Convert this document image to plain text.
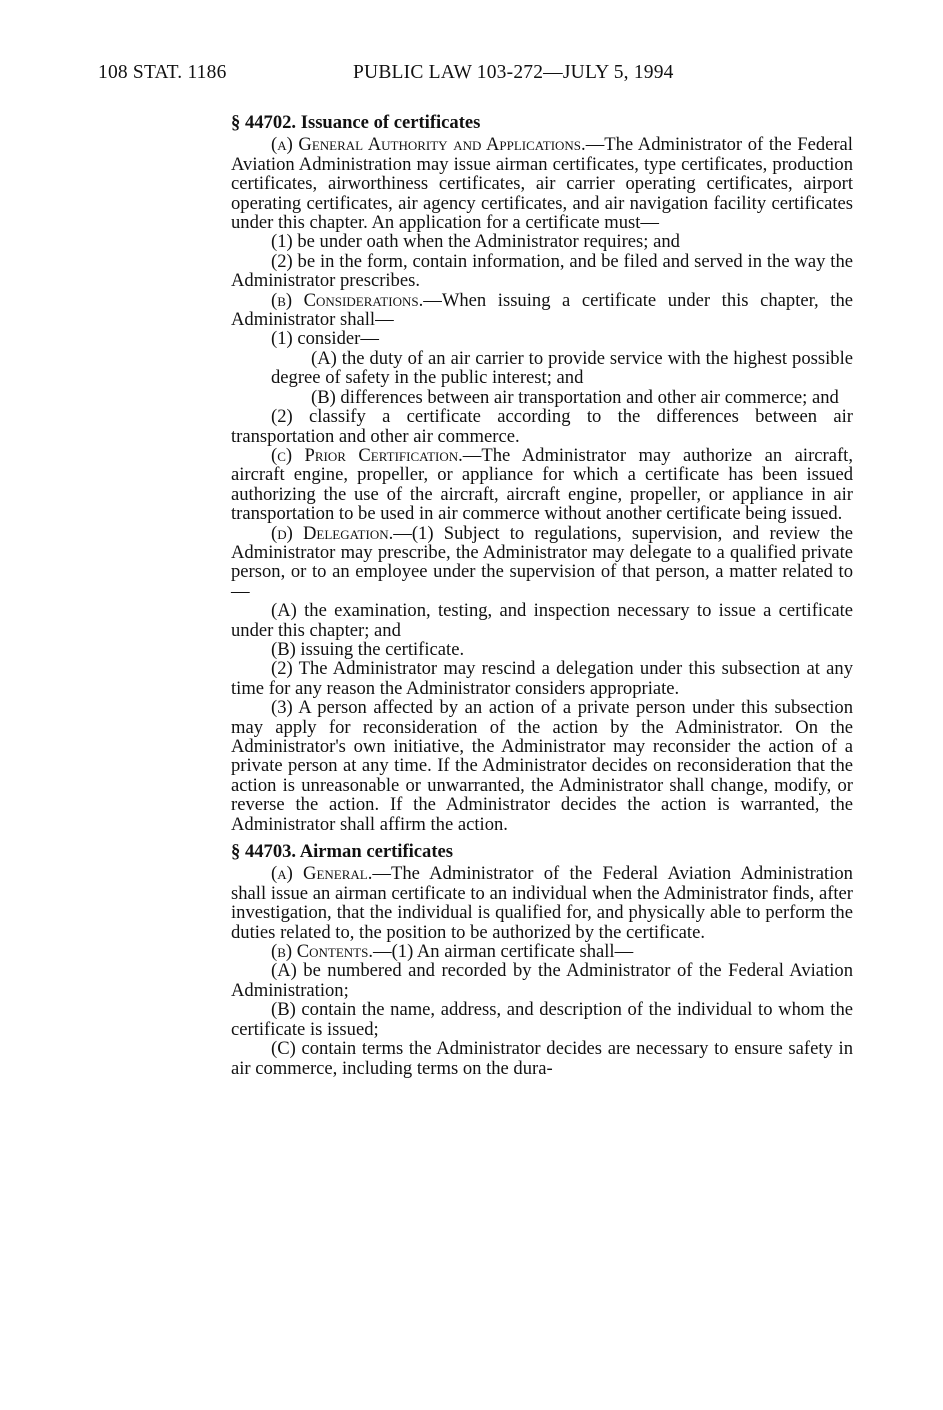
108 STAT. 1186	PUBLIC LAW 103-272—JULY 5, 1994
§ 44702. Issuance of certificates

(a) General Authority and Applications.—The Administrator of the Federal Aviation Administration may issue airman certificates, type certificates, production certificates, airworthiness certificates, air carrier operating certificates, airport operating certificates, air agency certificates, and air navigation facility certificates under this chapter. An application for a certificate must—

(1) be under oath when the Administrator requires; and

(2) be in the form, contain information, and be filed and served in the way the Administrator prescribes.

(b) Considerations.—When issuing a certificate under this chapter, the Administrator shall—

(1) consider—

(A) the duty of an air carrier to provide service with the highest possible degree of safety in the public interest; and

(B) differences between air transportation and other air commerce; and

(2) classify a certificate according to the differences between air transportation and other air commerce.

(c) Prior Certification.—The Administrator may authorize an aircraft, aircraft engine, propeller, or appliance for which a certificate has been issued authorizing the use of the aircraft, aircraft engine, propeller, or appliance in air transportation to be used in air commerce without another certificate being issued.

(d) Delegation.—(1) Subject to regulations, supervision, and review the Administrator may prescribe, the Administrator may delegate to a qualified private person, or to an employee under the supervision of that person, a matter related to—

(A) the examination, testing, and inspection necessary to issue a certificate under this chapter; and

(B) issuing the certificate.

(2) The Administrator may rescind a delegation under this subsection at any time for any reason the Administrator considers appropriate.

(3) A person affected by an action of a private person under this subsection may apply for reconsideration of the action by the Administrator. On the Administrator's own initiative, the Administrator may reconsider the action of a private person at any time. If the Administrator decides on reconsideration that the action is unreasonable or unwarranted, the Administrator shall change, modify, or reverse the action. If the Administrator decides the action is warranted, the Administrator shall affirm the action.

§ 44703. Airman certificates

(a) General.—The Administrator of the Federal Aviation Administration shall issue an airman certificate to an individual when the Administrator finds, after investigation, that the individual is qualified for, and physically able to perform the duties related to, the position to be authorized by the certificate.

(b) Contents.—(1) An airman certificate shall—

(A) be numbered and recorded by the Administrator of the Federal Aviation Administration;

(B) contain the name, address, and description of the individual to whom the certificate is issued;

(C) contain terms the Administrator decides are necessary to ensure safety in air commerce, including terms on the dura-
